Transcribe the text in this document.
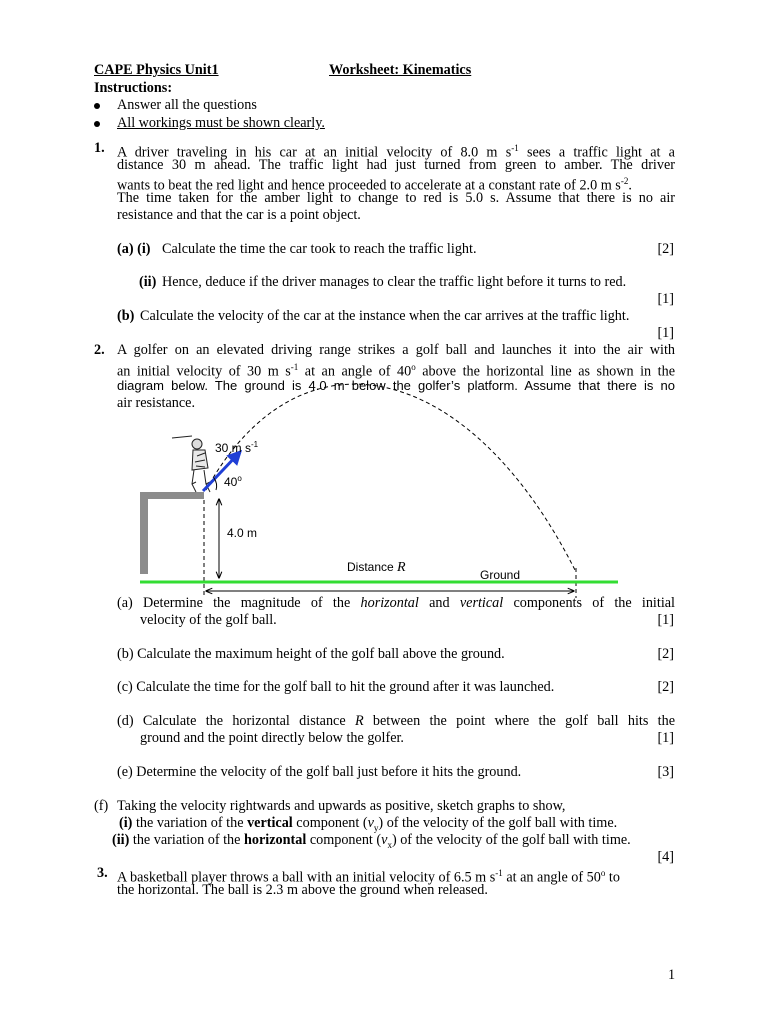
CAPE Physics Unit1	Worksheet: Kinematics
Instructions:
Answer all the questions
All workings must be shown clearly.
1. A driver traveling in his car at an initial velocity of 8.0 m $s^{-1}$ sees a traffic light at a
distance 30 m ahead. The traffic light had just turned from green to amber. The driver
wants to beat the red light and hence proceeded to accelerate at a constant rate of 2.0 m $s^{-2}$.
The time taken for the amber light to change to red is 5.0 s. Assume that there is no air
resistance and that the car is a point object.
(a) (i) Calculate the time the car took to reach the traffic light.	[2]
(ii) Hence, deduce if the driver manages to clear the traffic light before it turns to red.
[1]
(b) Calculate the velocity of the car at the instance when the car arrives at the traffic light.
[1]
2. A golfer on an elevated driving range strikes a golf ball and launches it into the air with
an initial velocity of 30 m $s^{-1}$ at an angle of 40$^o$ above the horizontal line as shown in the
diagram below. The ground is 4.0 m below the golfer’s platform. Assume that there is no
air resistance.
30 m $s^{-1}$
40$^o$
4.0 m
Distance R	Ground
(a) Determine the magnitude of the horizontal and vertical components of the initial
velocity of the golf ball.	[1]
(b) Calculate the maximum height of the golf ball above the ground.	[2]
(c) Calculate the time for the golf ball to hit the ground after it was launched.	[2]
(d) Calculate the horizontal distance R between the point where the golf ball hits the
ground and the point directly below the golfer.	[1]
(e) Determine the velocity of the golf ball just before it hits the ground.	[3]
(f) Taking the velocity rightwards and upwards as positive, sketch graphs to show,
(i) the variation of the vertical component $(v_y)$ of the velocity of the golf ball with time.
(ii) the variation of the horizontal component $(v_x)$ of the velocity of the golf ball with time.
[4]
3. A basketball player throws a ball with an initial velocity of 6.5 m $s^{-1}$ at an angle of 50$^o$ to
the horizontal. The ball is 2.3 m above the ground when released.
1
